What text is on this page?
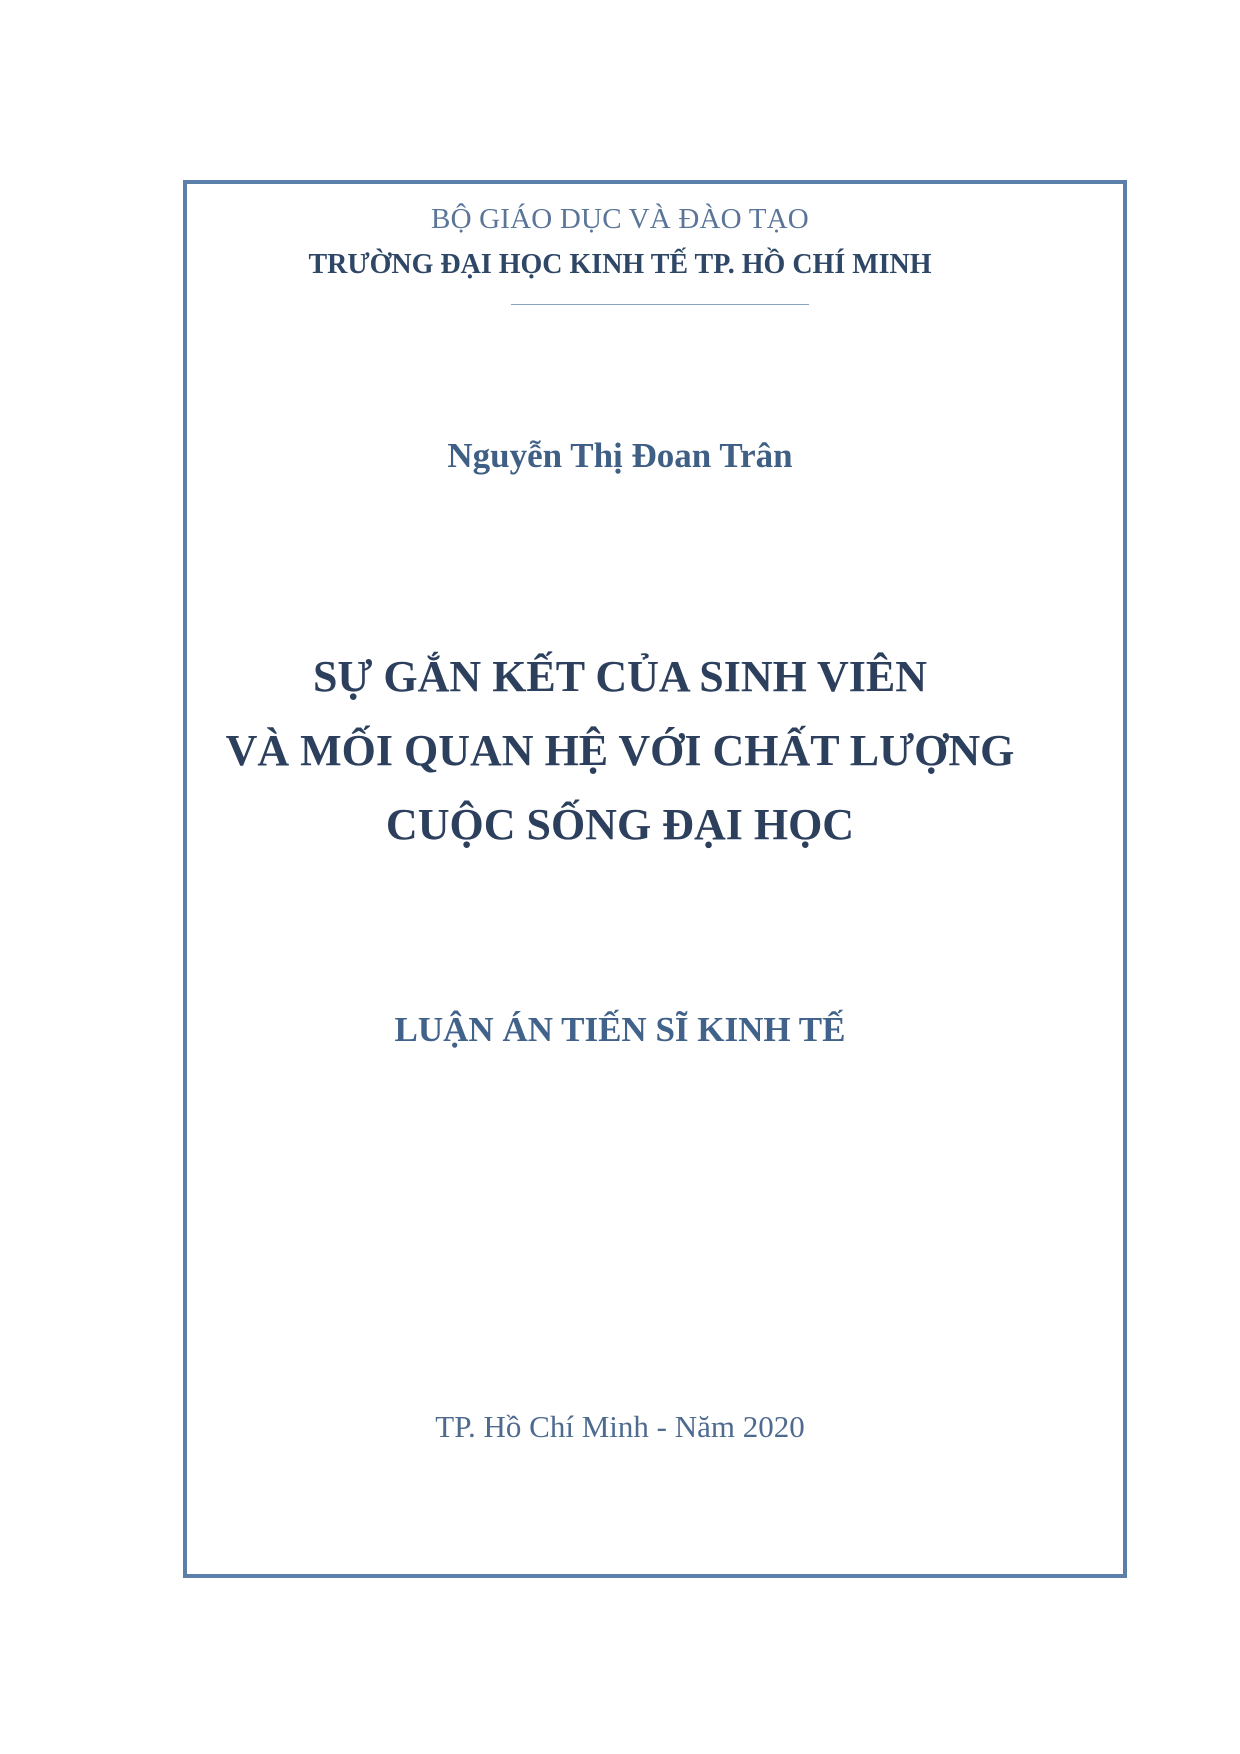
BỘ GIÁO DỤC VÀ ĐÀO TẠO
TRƯỜNG ĐẠI HỌC KINH TẾ TP. HỒ CHÍ MINH
Nguyễn Thị Đoan Trân
SỰ GẮN KẾT CỦA SINH VIÊN
VÀ MỐI QUAN HỆ VỚI CHẤT LƯỢNG
CUỘC SỐNG ĐẠI HỌC
LUẬN ÁN TIẾN SĨ KINH TẾ
TP. Hồ Chí Minh - Năm 2020
